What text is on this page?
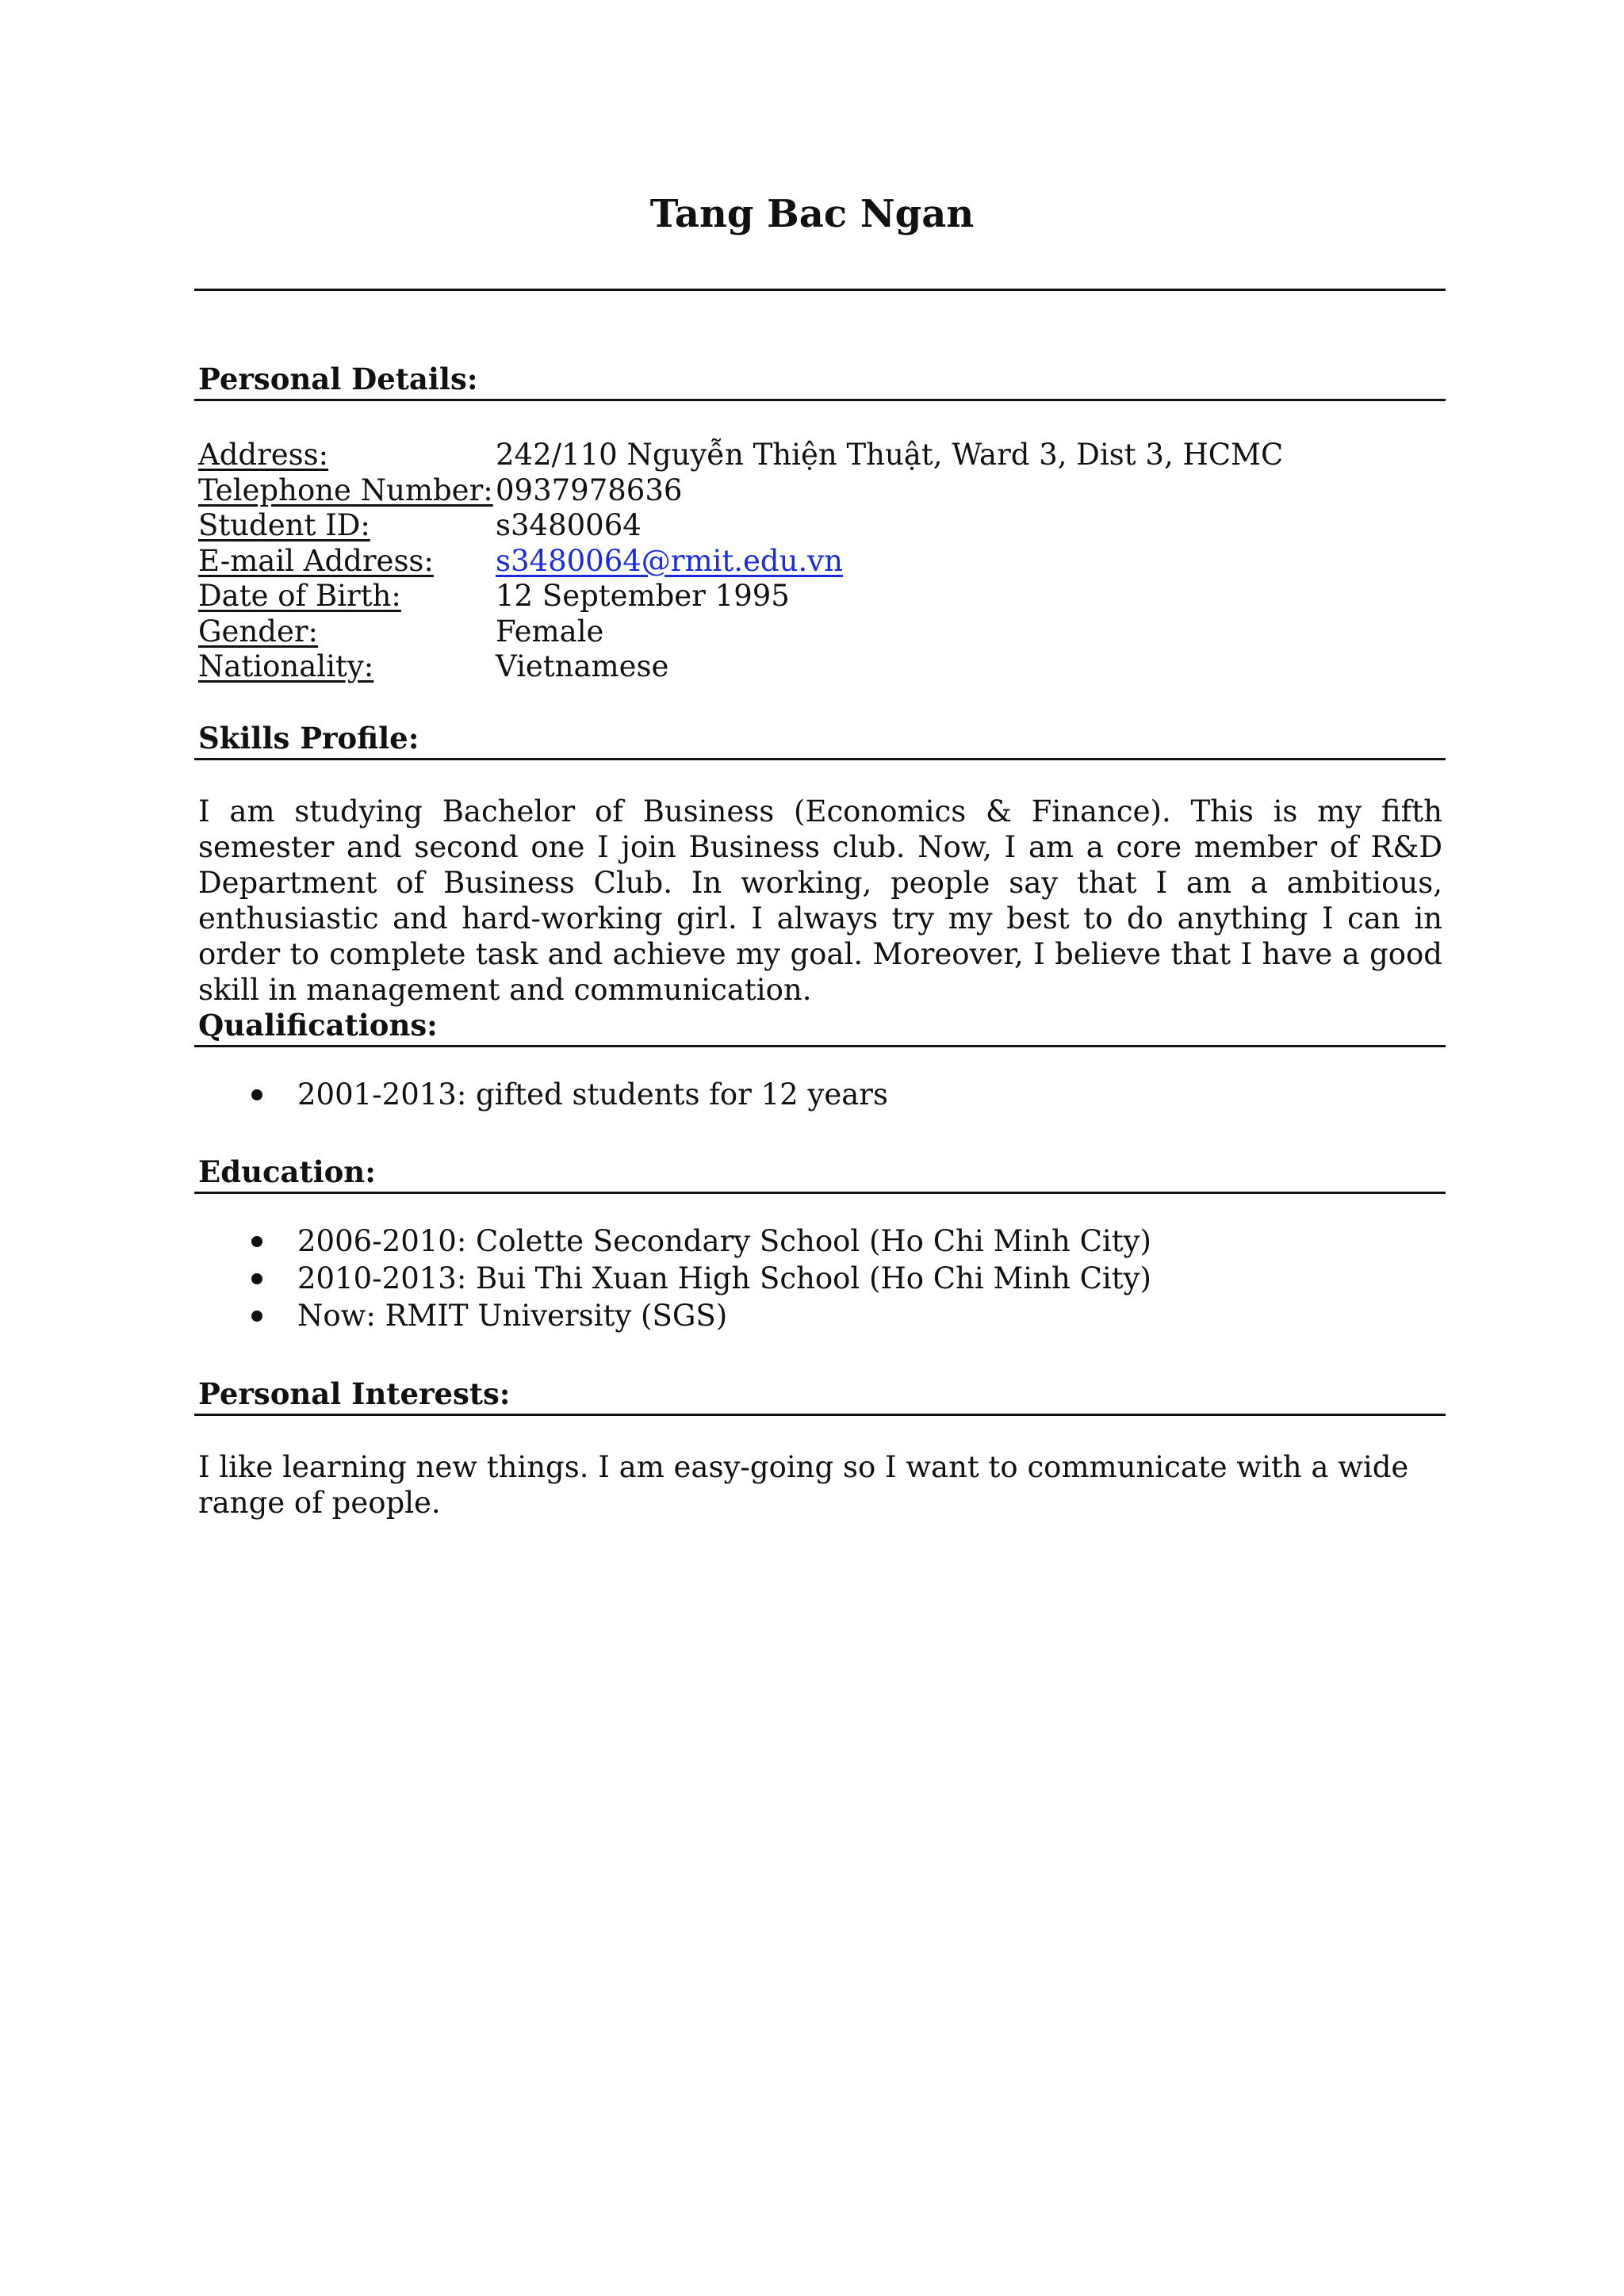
Tang Bac Ngan
Personal Details:
Address:	242/110 Nguyễn Thiện Thuật, Ward 3, Dist 3, HCMC
Telephone Number: 0937978636
Student ID:	s3480064
E-mail Address:	s3480064@rmit.edu.vn
Date of Birth:	12 September 1995
Gender:	Female
Nationality:	Vietnamese
Skills Profile:
I am studying Bachelor of Business (Economics & Finance). This is my fifth semester and second one I join Business club. Now, I am a core member of R&D Department of Business Club. In working, people say that I am a ambitious, enthusiastic and hard-working girl. I always try my best to do anything I can in order to complete task and achieve my goal. Moreover, I believe that I have a good skill in management and communication.
Qualifications:
2001-2013: gifted students for 12 years
Education:
2006-2010: Colette Secondary School (Ho Chi Minh City)
2010-2013: Bui Thi Xuan High School (Ho Chi Minh City)
Now: RMIT University (SGS)
Personal Interests:
I like learning new things. I am easy-going so I want to communicate with a wide range of people.
